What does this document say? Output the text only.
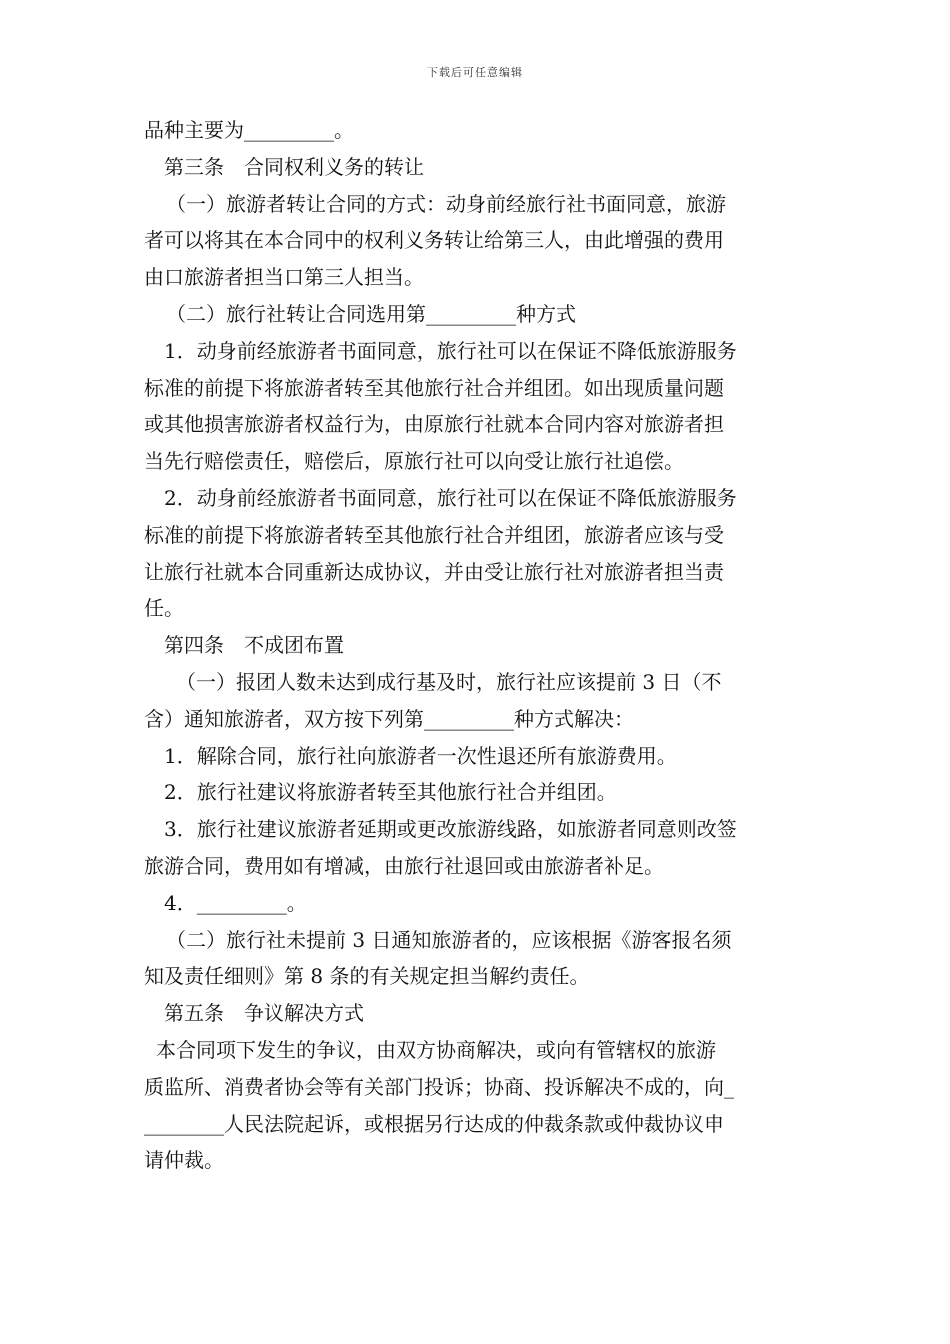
下载后可任意编辑
品种主要为_________。
第三条　合同权利义务的转让
（一）旅游者转让合同的方式：动身前经旅行社书面同意，旅游
者可以将其在本合同中的权利义务转让给第三人，由此增强的费用
由口旅游者担当口第三人担当。
（二）旅行社转让合同选用第_________种方式
1．动身前经旅游者书面同意，旅行社可以在保证不降低旅游服务
标准的前提下将旅游者转至其他旅行社合并组团。如出现质量问题
或其他损害旅游者权益行为，由原旅行社就本合同内容对旅游者担
当先行赔偿责任，赔偿后，原旅行社可以向受让旅行社追偿。
2．动身前经旅游者书面同意，旅行社可以在保证不降低旅游服务
标准的前提下将旅游者转至其他旅行社合并组团，旅游者应该与受
让旅行社就本合同重新达成协议，并由受让旅行社对旅游者担当责
任。
第四条　不成团布置
（一）报团人数未达到成行基及时，旅行社应该提前 3 日（不
含）通知旅游者，双方按下列第_________种方式解决：
1．解除合同，旅行社向旅游者一次性退还所有旅游费用。
2．旅行社建议将旅游者转至其他旅行社合并组团。
3．旅行社建议旅游者延期或更改旅游线路，如旅游者同意则改签
旅游合同，费用如有增减，由旅行社退回或由旅游者补足。
4．_________。
（二）旅行社未提前 3 日通知旅游者的，应该根据《游客报名须
知及责任细则》第 8 条的有关规定担当解约责任。
第五条　争议解决方式
本合同项下发生的争议，由双方协商解决，或向有管辖权的旅游
质监所、消费者协会等有关部门投诉；协商、投诉解决不成的，向_
________人民法院起诉，或根据另行达成的仲裁条款或仲裁协议申
请仲裁。
